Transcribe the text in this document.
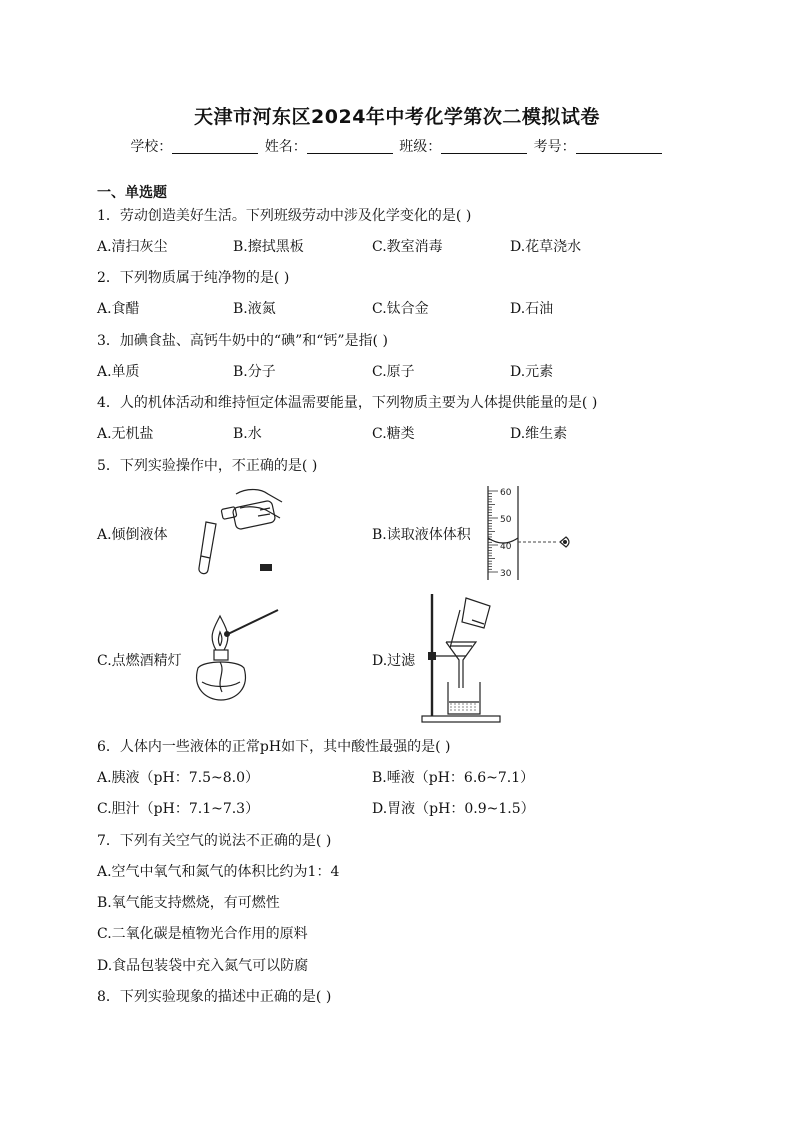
天津市河东区2024年中考化学第次二模拟试卷
学校：	姓名：	班级：	考号：
一、单选题
1．劳动创造美好生活。下列班级劳动中涉及化学变化的是( )
A.清扫灰尘	B.擦拭黑板	C.教室消毒	D.花草浇水
2．下列物质属于纯净物的是( )
A.食醋	B.液氮	C.钛合金	D.石油
3．加碘食盐、高钙牛奶中的“碘”和“钙”是指( )
A.单质	B.分子	C.原子	D.元素
4．人的机体活动和维持恒定体温需要能量，下列物质主要为人体提供能量的是( )
A.无机盐	B.水	C.糖类	D.维生素
5．下列实验操作中，不正确的是( )
A.倾倒液体	B.读取液体体积
C.点燃酒精灯	D.过滤
60
50
40
30
6．人体内一些液体的正常pH如下，其中酸性最强的是( )
A.胰液（pH：7.5~8.0）	B.唾液（pH：6.6~7.1）
C.胆汁（pH：7.1~7.3）	D.胃液（pH：0.9~1.5）
7．下列有关空气的说法不正确的是( )
A.空气中氧气和氮气的体积比约为1：4
B.氧气能支持燃烧，有可燃性
C.二氧化碳是植物光合作用的原料
D.食品包装袋中充入氮气可以防腐
8．下列实验现象的描述中正确的是( )
